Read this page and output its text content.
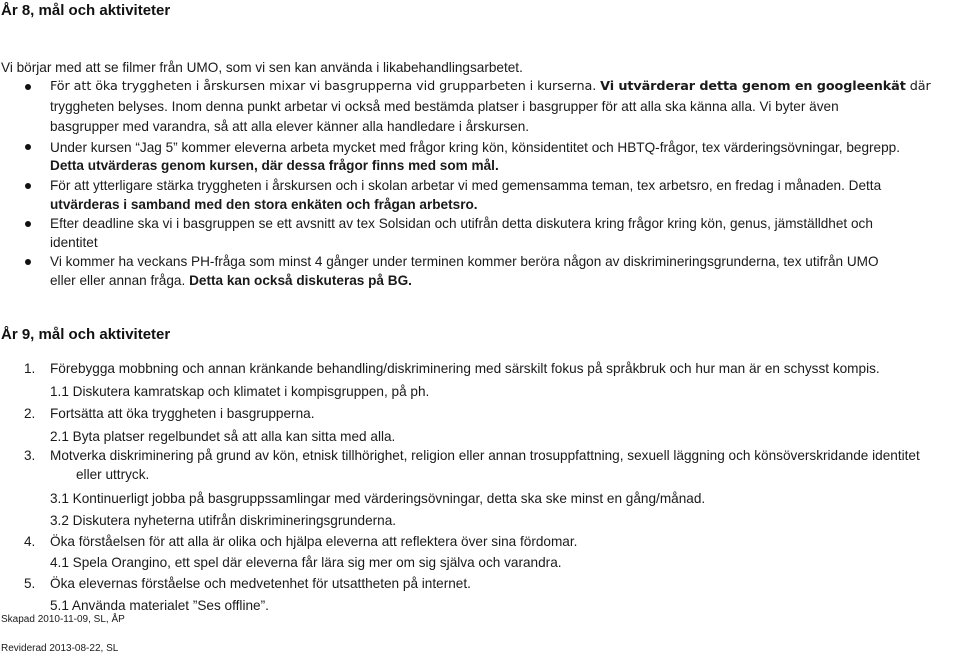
År 8, mål och aktiviteter
Vi börjar med att se filmer från UMO, som vi sen kan använda i likabehandlingsarbetet.
För att öka tryggheten i årskursen mixar vi basgrupperna vid grupparbeten i kurserna. Vi utvärderar detta genom en googleenkät där
tryggheten belyses. Inom denna punkt arbetar vi också med bestämda platser i basgrupper för att alla ska känna alla. Vi byter även
basgrupper med varandra, så att alla elever känner alla handledare i årskursen.
Under kursen “Jag 5” kommer eleverna arbeta mycket med frågor kring kön, könsidentitet och HBTQ-frågor, tex värderingsövningar, begrepp.
Detta utvärderas genom kursen, där dessa frågor finns med som mål.
För att ytterligare stärka tryggheten i årskursen och i skolan arbetar vi med gemensamma teman, tex arbetsro, en fredag i månaden. Detta
utvärderas i samband med den stora enkäten och frågan arbetsro.
Efter deadline ska vi i basgruppen se ett avsnitt av tex Solsidan och utifrån detta diskutera kring frågor kring kön, genus, jämställdhet och
identitet
Vi kommer ha veckans PH-fråga som minst 4 gånger under terminen kommer beröra någon av diskrimineringsgrunderna, tex utifrån UMO
eller eller annan fråga. Detta kan också diskuteras på BG.
År 9, mål och aktiviteter
1. Förebygga mobbning och annan kränkande behandling/diskriminering med särskilt fokus på språkbruk och hur man är en schysst kompis.
1.1 Diskutera kamratskap och klimatet i kompisgruppen, på ph.
2. Fortsätta att öka tryggheten i basgrupperna.
2.1 Byta platser regelbundet så att alla kan sitta med alla.
3. Motverka diskriminering på grund av kön, etnisk tillhörighet, religion eller annan trosuppfattning, sexuell läggning och könsöverskridande identitet
eller uttryck.
3.1 Kontinuerligt jobba på basgruppssamlingar med värderingsövningar, detta ska ske minst en gång/månad.
3.2 Diskutera nyheterna utifrån diskrimineringsgrunderna.
4. Öka förståelsen för att alla är olika och hjälpa eleverna att reflektera över sina fördomar.
4.1 Spela Orangino, ett spel där eleverna får lära sig mer om sig själva och varandra.
5. Öka elevernas förståelse och medvetenhet för utsattheten på internet.
5.1 Använda materialet ”Ses offline”.
Skapad 2010-11-09, SL, ÅP
Reviderad 2013-08-22, SL
